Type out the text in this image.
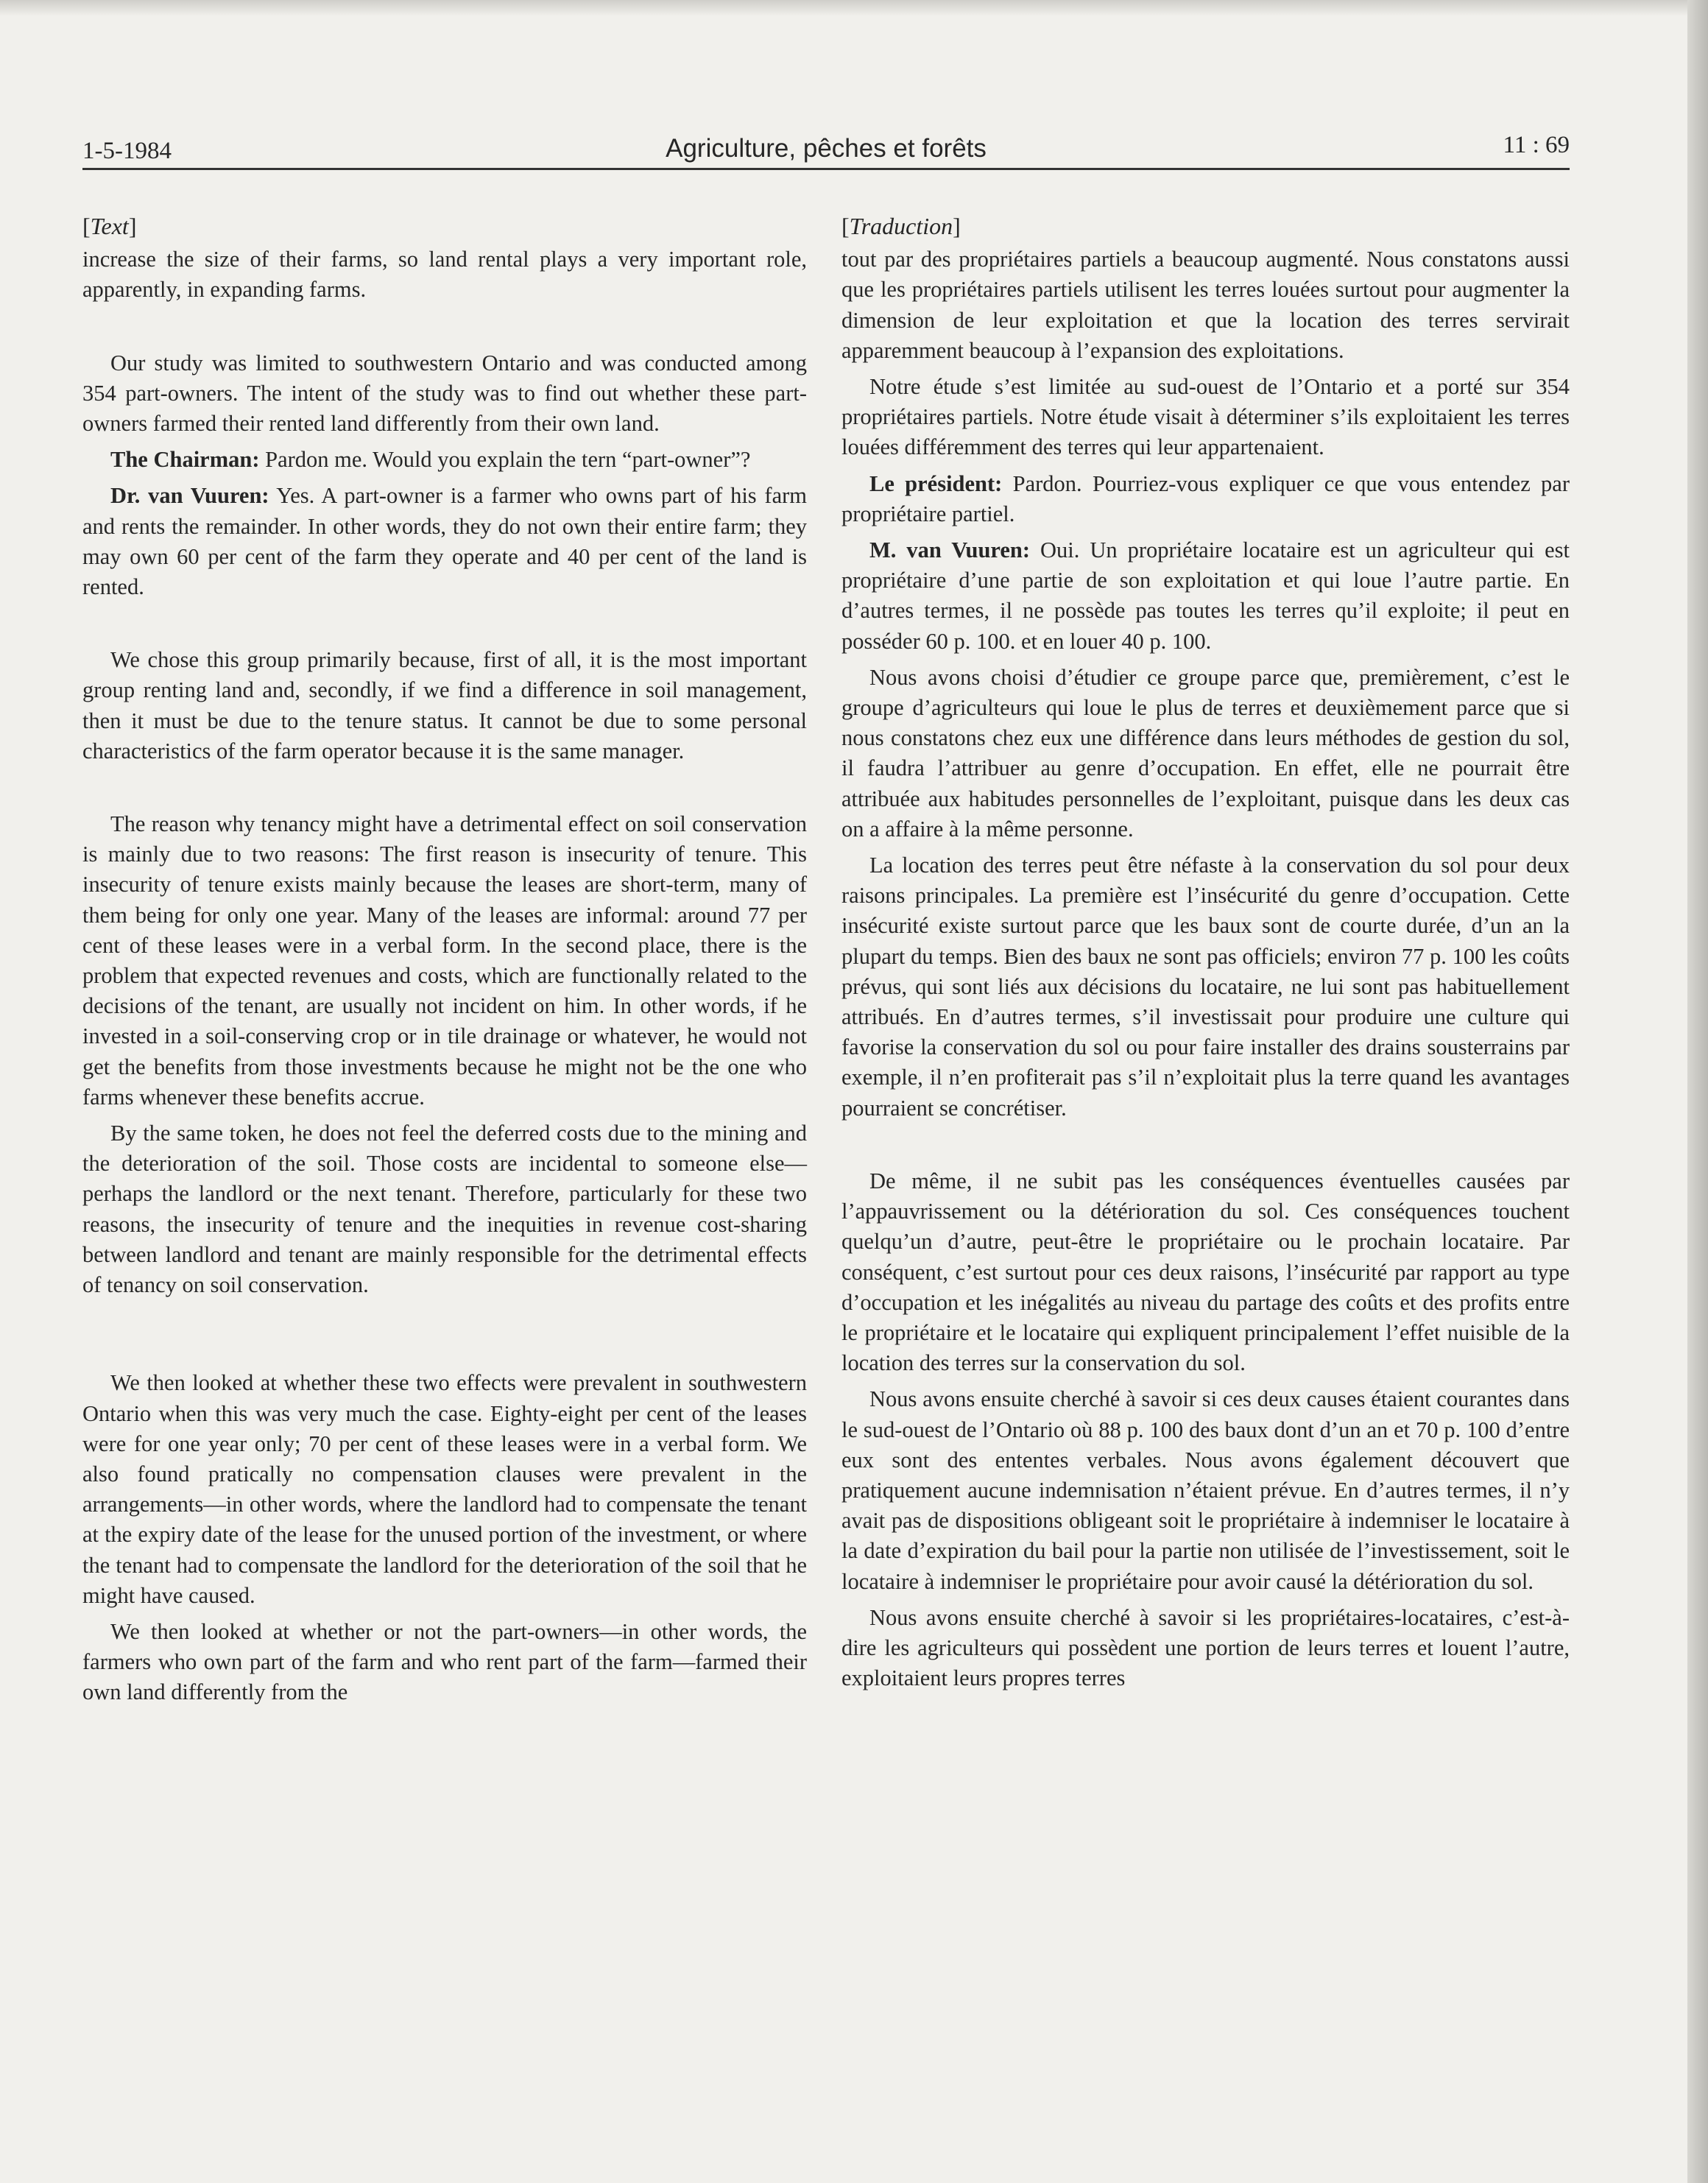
1-5-1984	Agriculture, pêches et forêts	11 : 69
[Text]

increase the size of their farms, so land rental plays a very important role, apparently, in expanding farms.

Our study was limited to southwestern Ontario and was conducted among 354 part-owners. The intent of the study was to find out whether these part-owners farmed their rented land differently from their own land.

The Chairman: Pardon me. Would you explain the tern “part-owner”?

Dr. van Vuuren: Yes. A part-owner is a farmer who owns part of his farm and rents the remainder. In other words, they do not own their entire farm; they may own 60 per cent of the farm they operate and 40 per cent of the land is rented.

We chose this group primarily because, first of all, it is the most important group renting land and, secondly, if we find a difference in soil management, then it must be due to the tenure status. It cannot be due to some personal characteristics of the farm operator because it is the same manager.

The reason why tenancy might have a detrimental effect on soil conservation is mainly due to two reasons: The first reason is insecurity of tenure. This insecurity of tenure exists mainly because the leases are short-term, many of them being for only one year. Many of the leases are informal: around 77 per cent of these leases were in a verbal form. In the second place, there is the problem that expected revenues and costs, which are functionally related to the decisions of the tenant, are usually not incident on him. In other words, if he invested in a soil-conserving crop or in tile drainage or whatever, he would not get the benefits from those investments because he might not be the one who farms whenever these benefits accrue.

By the same token, he does not feel the deferred costs due to the mining and the deterioration of the soil. Those costs are incidental to someone else—perhaps the landlord or the next tenant. Therefore, particularly for these two reasons, the insecurity of tenure and the inequities in revenue cost-sharing between landlord and tenant are mainly responsible for the detrimental effects of tenancy on soil conservation.

We then looked at whether these two effects were prevalent in southwestern Ontario when this was very much the case. Eighty-eight per cent of the leases were for one year only; 70 per cent of these leases were in a verbal form. We also found pratically no compensation clauses were prevalent in the arrangements—in other words, where the landlord had to compensate the tenant at the expiry date of the lease for the unused portion of the investment, or where the tenant had to compensate the landlord for the deterioration of the soil that he might have caused.

We then looked at whether or not the part-owners—in other words, the farmers who own part of the farm and who rent part of the farm—farmed their own land differently from the

[Traduction]

tout par des propriétaires partiels a beaucoup augmenté. Nous constatons aussi que les propriétaires partiels utilisent les terres louées surtout pour augmenter la dimension de leur exploitation et que la location des terres servirait apparemment beaucoup à l’expansion des exploitations.

Notre étude s’est limitée au sud-ouest de l’Ontario et a porté sur 354 propriétaires partiels. Notre étude visait à déterminer s’ils exploitaient les terres louées différemment des terres qui leur appartenaient.

Le président: Pardon. Pourriez-vous expliquer ce que vous entendez par propriétaire partiel.

M. van Vuuren: Oui. Un propriétaire locataire est un agriculteur qui est propriétaire d’une partie de son exploitation et qui loue l’autre partie. En d’autres termes, il ne possède pas toutes les terres qu’il exploite; il peut en posséder 60 p. 100. et en louer 40 p. 100.

Nous avons choisi d’étudier ce groupe parce que, premièrement, c’est le groupe d’agriculteurs qui loue le plus de terres et deuxièmement parce que si nous constatons chez eux une différence dans leurs méthodes de gestion du sol, il faudra l’attribuer au genre d’occupation. En effet, elle ne pourrait être attribuée aux habitudes personnelles de l’exploitant, puisque dans les deux cas on a affaire à la même personne.

La location des terres peut être néfaste à la conservation du sol pour deux raisons principales. La première est l’insécurité du genre d’occupation. Cette insécurité existe surtout parce que les baux sont de courte durée, d’un an la plupart du temps. Bien des baux ne sont pas officiels; environ 77 p. 100 les coûts prévus, qui sont liés aux décisions du locataire, ne lui sont pas habituellement attribués. En d’autres termes, s’il investissait pour produire une culture qui favorise la conservation du sol ou pour faire installer des drains sousterrains par exemple, il n’en profiterait pas s’il n’exploitait plus la terre quand les avantages pourraient se concrétiser.

De même, il ne subit pas les conséquences éventuelles causées par l’appauvrissement ou la détérioration du sol. Ces conséquences touchent quelqu’un d’autre, peut-être le propriétaire ou le prochain locataire. Par conséquent, c’est surtout pour ces deux raisons, l’insécurité par rapport au type d’occupation et les inégalités au niveau du partage des coûts et des profits entre le propriétaire et le locataire qui expliquent principalement l’effet nuisible de la location des terres sur la conservation du sol.

Nous avons ensuite cherché à savoir si ces deux causes étaient courantes dans le sud-ouest de l’Ontario où 88 p. 100 des baux dont d’un an et 70 p. 100 d’entre eux sont des ententes verbales. Nous avons également découvert que pratiquement aucune indemnisation n’étaient prévue. En d’autres termes, il n’y avait pas de dispositions obligeant soit le propriétaire à indemniser le locataire à la date d’expiration du bail pour la partie non utilisée de l’investissement, soit le locataire à indemniser le propriétaire pour avoir causé la détérioration du sol.

Nous avons ensuite cherché à savoir si les propriétaires-locataires, c’est-à-dire les agriculteurs qui possèdent une portion de leurs terres et louent l’autre, exploitaient leurs propres terres
